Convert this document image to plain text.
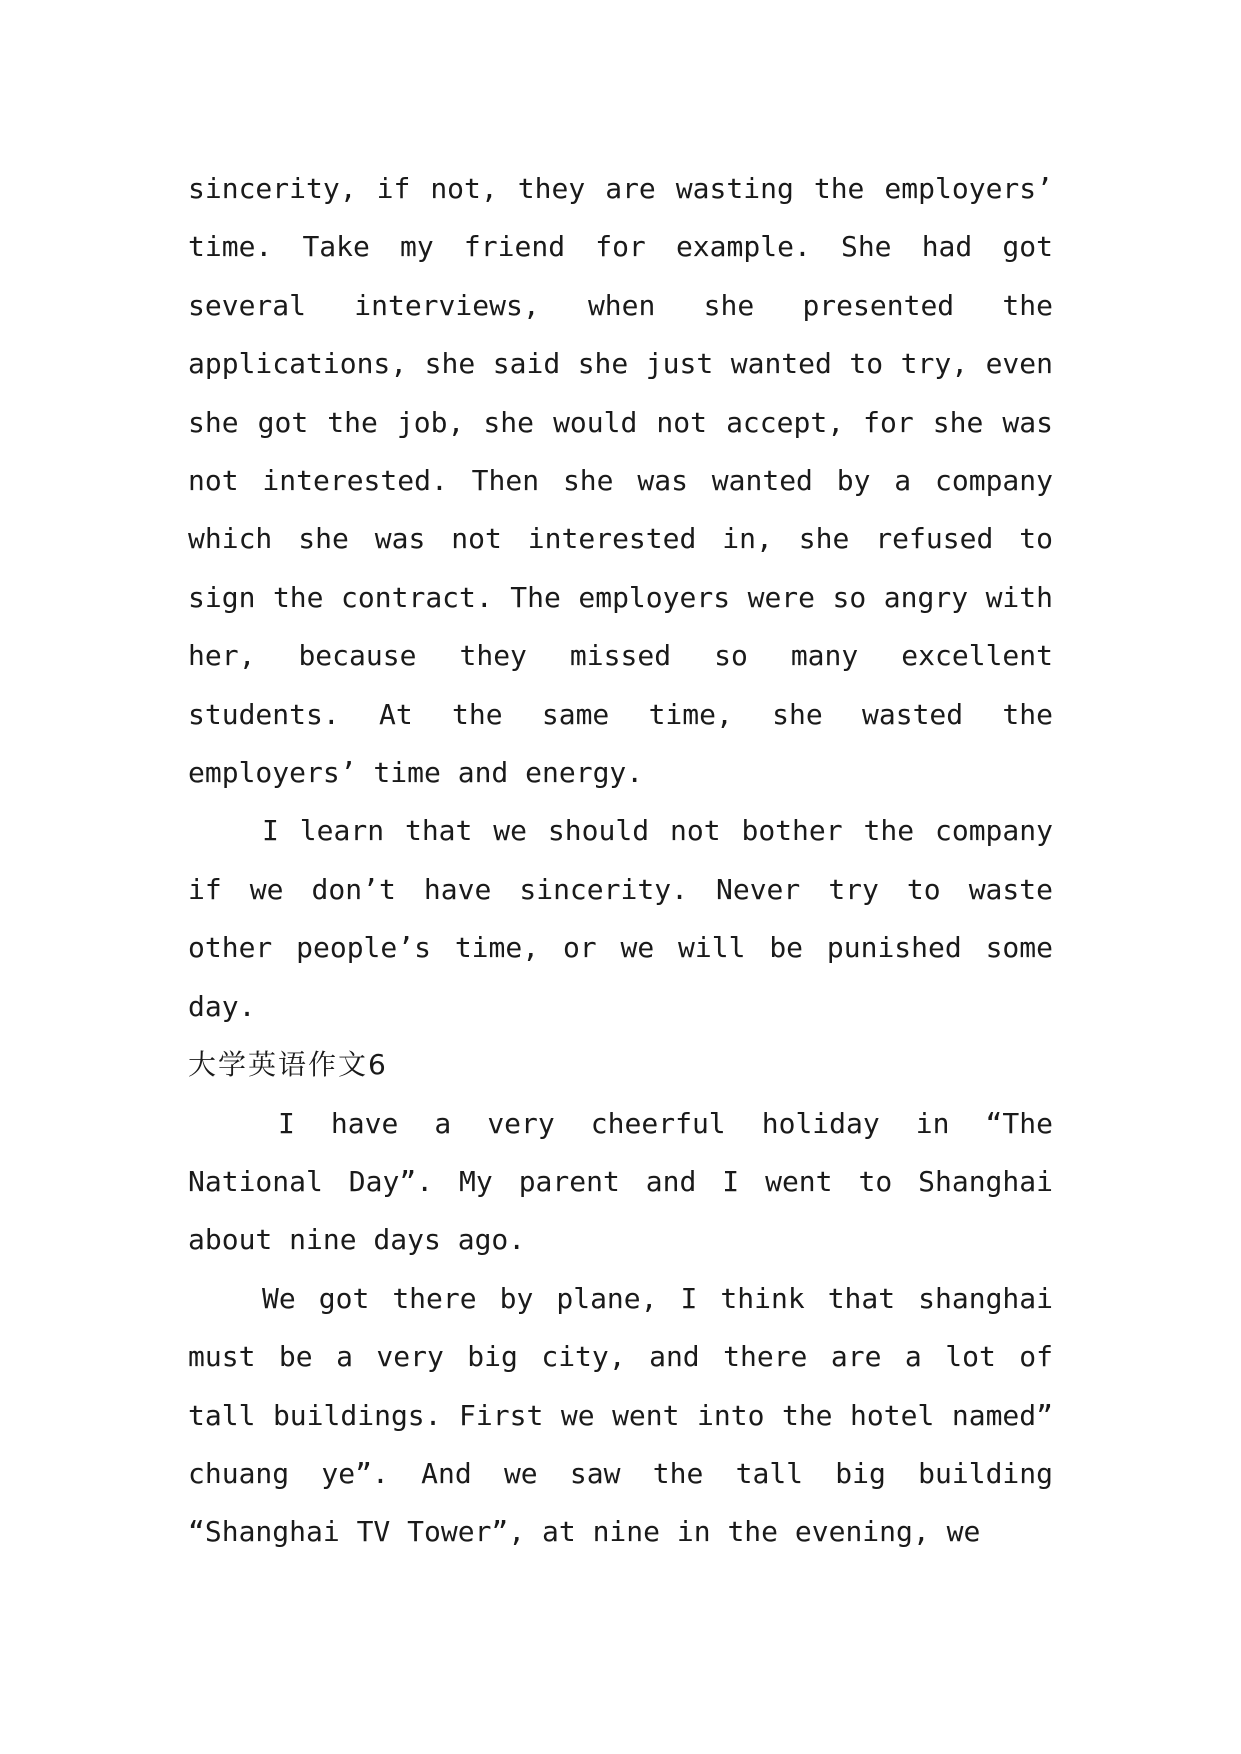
sincerity, if not, they are wasting the employers’ time. Take my friend for example. She had got several interviews, when she presented the applications, she said she just wanted to try, even she got the job, she would not accept, for she was not interested. Then she was wanted by a company which she was not interested in, she refused to sign the contract. The employers were so angry with her, because they missed so many excellent students. At the same time, she wasted the employers’ time and energy.

I learn that we should not bother the company if we don’t have sincerity. Never try to waste other people’s time, or we will be punished some day.

大学英语作文6

I have a very cheerful holiday in “The National Day”. My parent and I went to Shanghai about nine days ago.

We got there by plane, I think that shanghai must be a very big city, and there are a lot of tall buildings. First we went into the hotel named” chuang ye”. And we saw the tall big building “Shanghai TV Tower”, at nine in the evening, we
